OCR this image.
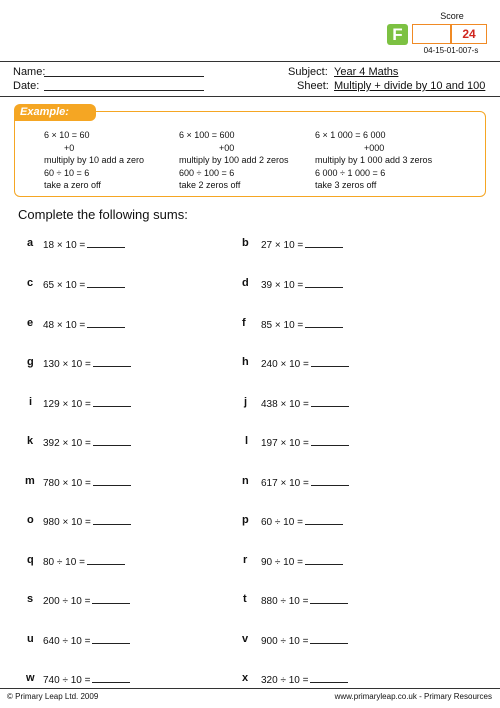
F
Score
24
04-15-01-007-s
Name:
Date:
Subject: Year 4 Maths
Sheet: Multiply + divide by 10 and 100
Example:
6 × 10 = 60
+0
multiply by 10 add a zero
60 ÷ 10 = 6
take a zero off
6 × 100 = 600
+00
multiply by 100 add 2 zeros
600 ÷ 100 = 6
take 2 zeros off
6 × 1 000 = 6 000
+000
multiply by 1 000 add 3 zeros
6 000 ÷ 1 000 = 6
take 3 zeros off
Complete the following sums:
a 18 × 10 =	b 27 × 10 =
c 65 × 10 =	d 39 × 10 =
e 48 × 10 =	f 85 × 10 =
g 130 × 10 =	h 240 × 10 =
i 129 × 10 =	j 438 × 10 =
k 392 × 10 =	l 197 × 10 =
m 780 × 10 =	n 617 × 10 =
o 980 × 10 =	p 60 ÷ 10 =
q 80 ÷ 10 =	r 90 ÷ 10 =
s 200 ÷ 10 =	t 880 ÷ 10 =
u 640 ÷ 10 =	v 900 ÷ 10 =
w 740 ÷ 10 =	x 320 ÷ 10 =
© Primary Leap Ltd. 2009	www.primaryleap.co.uk - Primary Resources
